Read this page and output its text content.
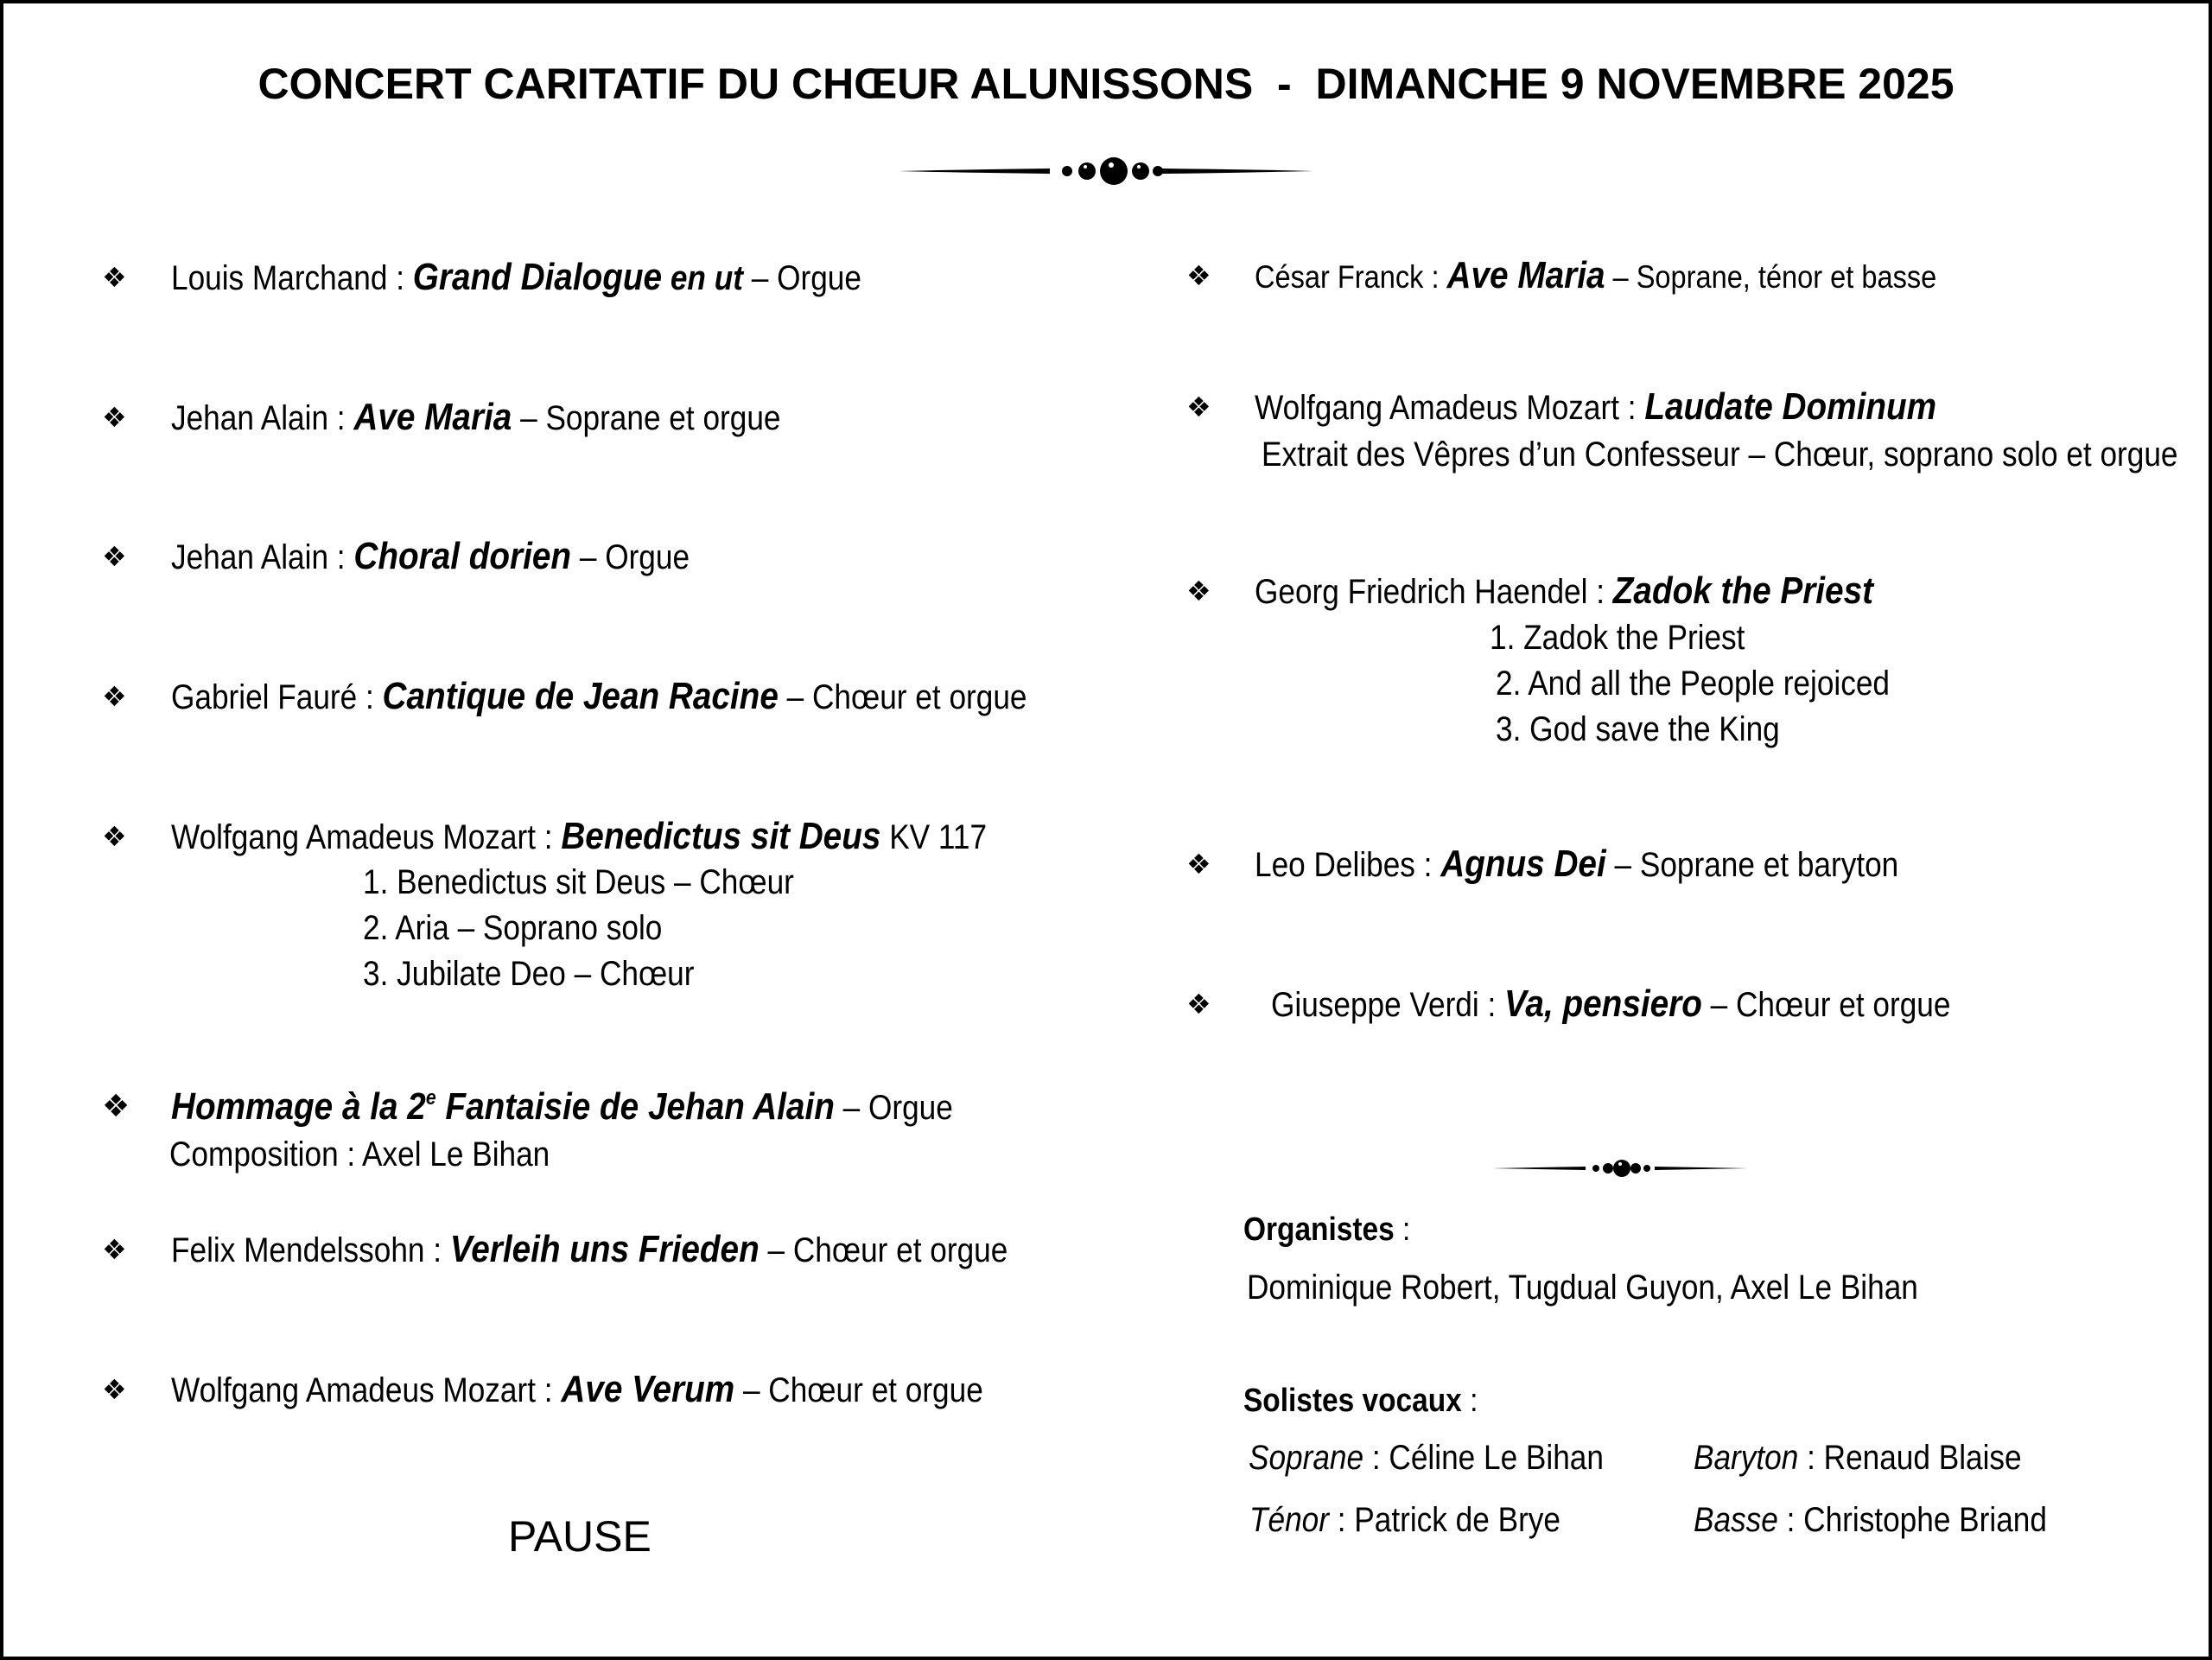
CONCERT CARITATIF DU CHŒUR ALUNISSONS  -  DIMANCHE 9 NOVEMBRE 2025
❖ Louis Marchand : Grand Dialogue en ut – Orgue
❖ Jehan Alain : Ave Maria – Soprane et orgue
❖ Jehan Alain : Choral dorien – Orgue
❖ Gabriel Fauré : Cantique de Jean Racine – Chœur et orgue
❖ Wolfgang Amadeus Mozart : Benedictus sit Deus KV 117
1. Benedictus sit Deus – Chœur
2. Aria – Soprano solo
3. Jubilate Deo – Chœur
❖ Hommage à la 2e Fantaisie de Jehan Alain – Orgue
Composition : Axel Le Bihan
❖ Felix Mendelssohn : Verleih uns Frieden – Chœur et orgue
❖ Wolfgang Amadeus Mozart : Ave Verum – Chœur et orgue
PAUSE
❖	César Franck : Ave Maria – Soprane, ténor et basse
❖ Wolfgang Amadeus Mozart : Laudate Dominum
Extrait des Vêpres d’un Confesseur – Chœur, soprano solo et orgue
❖ Georg Friedrich Haendel : Zadok the Priest
1. Zadok the Priest
2. And all the People rejoiced
3. God save the King
❖ Leo Delibes : Agnus Dei – Soprane et baryton
❖ Giuseppe Verdi : Va, pensiero – Chœur et orgue
Organistes :
Dominique Robert, Tugdual Guyon, Axel Le Bihan
Solistes vocaux :
Soprane : Céline Le Bihan	Baryton : Renaud Blaise
Ténor : Patrick de Brye	Basse : Christophe Briand
